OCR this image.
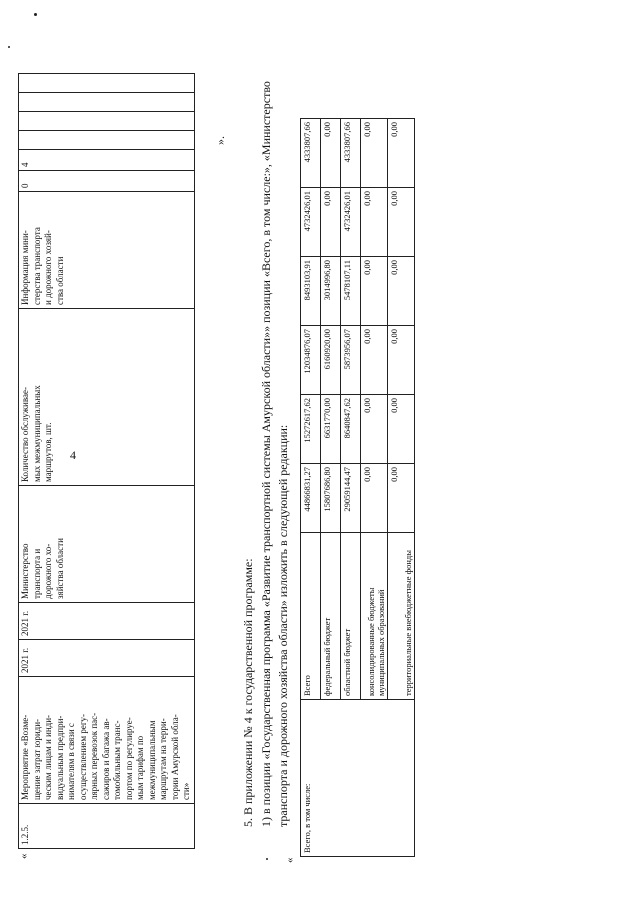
4
«
1.2.5.	Мероприятие «Возме-
щение затрат юриди-
ческим лицам и инди-
видуальным предпри-
нимателям в связи с
осуществлением регу-
лярных перевозок пас-
сажиров и багажа ав-
томобильным транс-
портом по регулируе-
мым тарифам по
межмуниципальным
маршрутам на терри-
тории Амурской обла-
сти»	2021 г.	2021 г.	Министерство
транспорта и
дорожного хо-
зяйства области	Количество обслуживае-
мых межмуниципальных
маршрутов, шт.	Информация мини-
стерства транспорта
и дорожного хозяй-
ства области	0	4				
».
5. В приложении № 4 к государственной программе: 1) в позиции «Государственная программа «Развитие транспортной системы Амурской области»» позиции «Всего, в том числе:», «Министерство транспорта и дорожного хозяйства области» изложить в следующей редакции:
«
Всего, в том числе:	Всего	44866831,27	15272617,62	12034876,07	8493103,91	4732426,01	4333807,66
	федеральный бюджет	15807686,80	6631770,00	6160920,00	3014996,80	0,00	0,00
	областной бюджет	29059144,47	8640847,62	5873956,07	5478107,11	4732426,01	4333807,66
	консолидированные бюджеты муниципальных образований	0,00	0,00	0,00	0,00	0,00	0,00
	территориальные внебюджетные фонды	0,00	0,00	0,00	0,00	0,00	0,00
